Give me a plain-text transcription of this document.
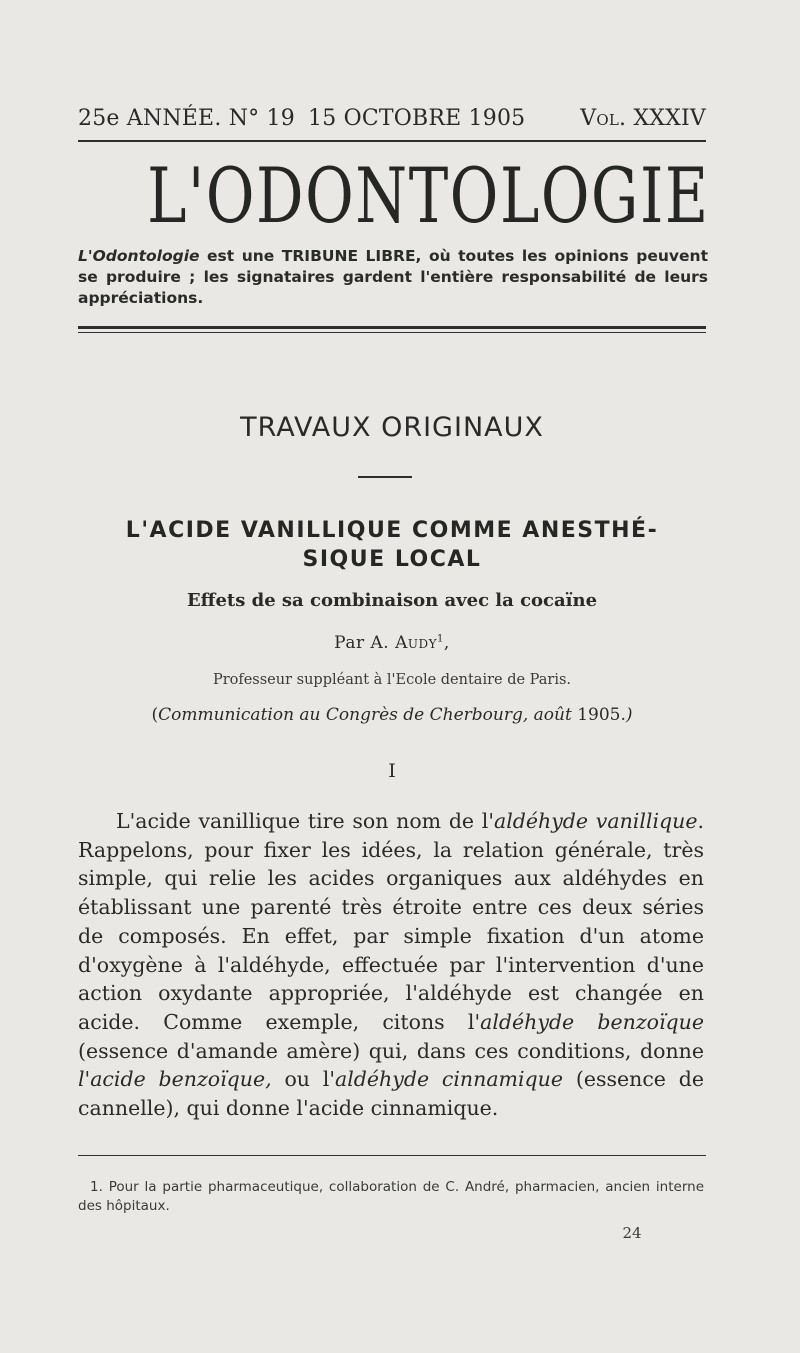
25e ANNÉE. N° 19 15 OCTOBRE 1905 Vol. XXXIV
L'ODONTOLOGIE
L'Odontologie est une TRIBUNE LIBRE, où toutes les opinions peuvent se produire ; les signataires gardent l'entière responsabilité de leurs appréciations.
TRAVAUX ORIGINAUX
L'ACIDE VANILLIQUE COMME ANESTHÉ-
SIQUE LOCAL
Effets de sa combinaison avec la cocaïne
Par A. Audy$^1$,
Professeur suppléant à l'Ecole dentaire de Paris.
(Communication au Congrès de Cherbourg, août 1905.)
I

L'acide vanillique tire son nom de l'aldéhyde vanillique. Rappelons, pour fixer les idées, la relation générale, très simple, qui relie les acides organiques aux aldéhydes en établissant une parenté très étroite entre ces deux séries de composés. En effet, par simple fixation d'un atome d'oxygène à l'aldéhyde, effectuée par l'intervention d'une action oxydante appropriée, l'aldéhyde est changée en acide. Comme exemple, citons l'aldéhyde benzoïque (essence d'amande amère) qui, dans ces conditions, donne l'acide benzoïque, ou l'aldéhyde cinnamique (essence de cannelle), qui donne l'acide cinnamique.

1. Pour la partie pharmaceutique, collaboration de C. André, pharmacien, ancien interne des hôpitaux.
24
